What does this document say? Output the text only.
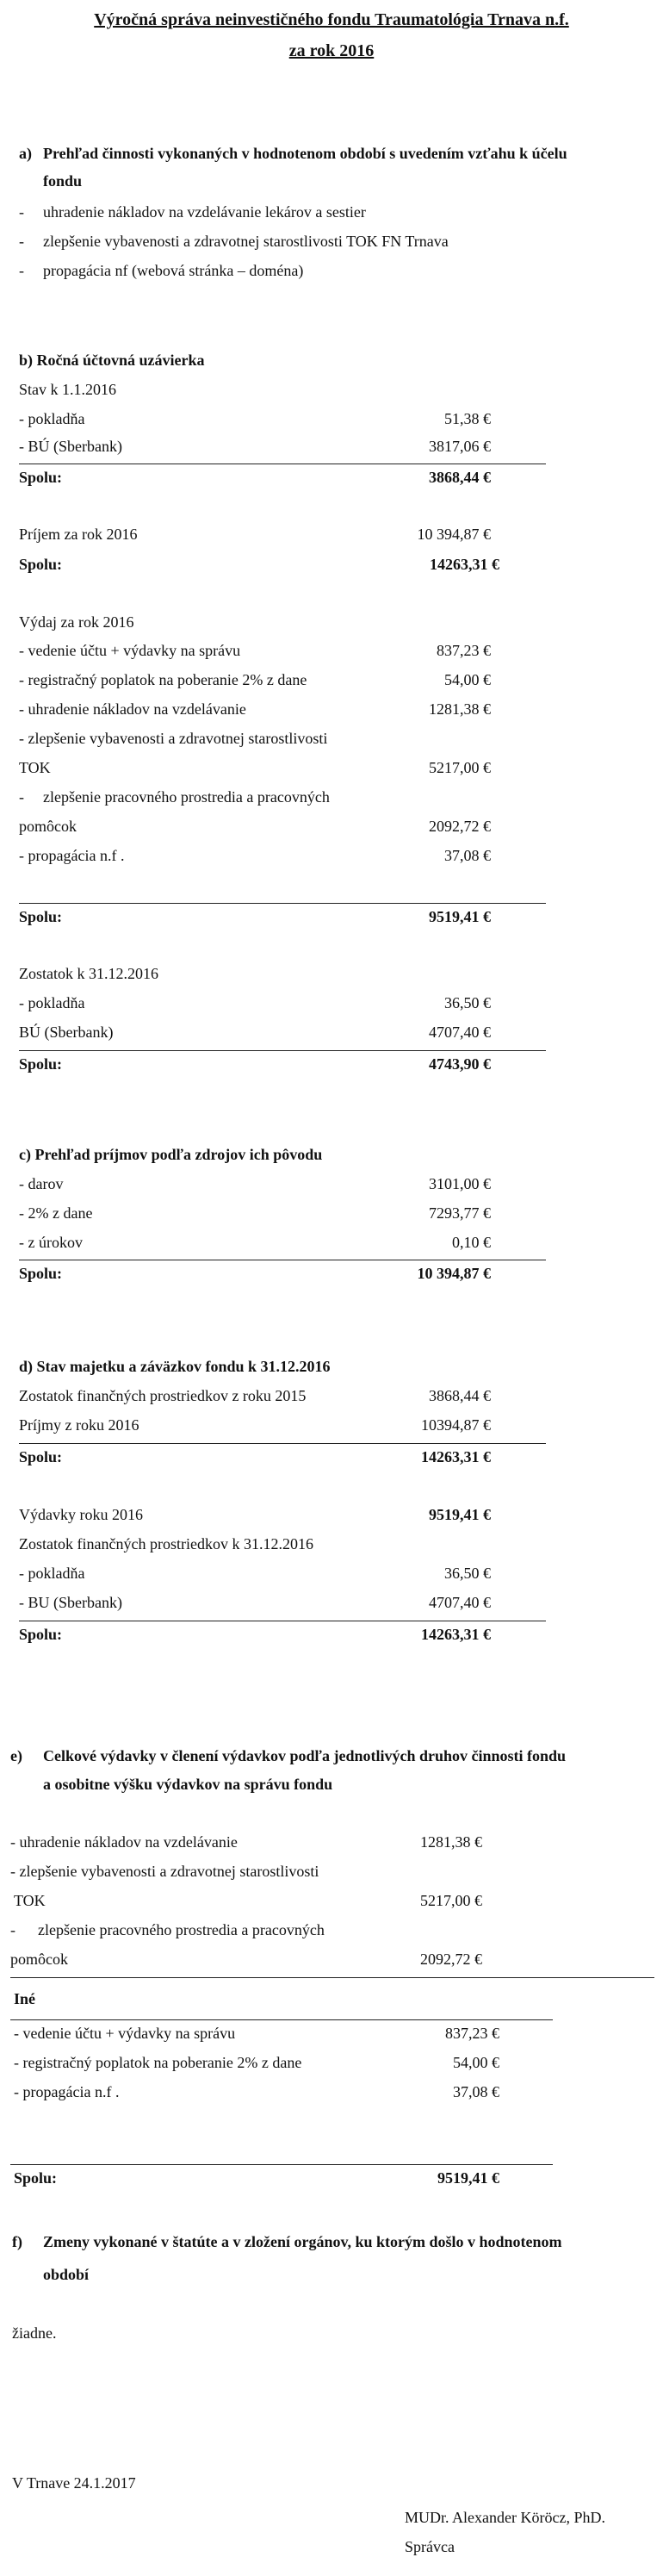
Výročná správa neinvestičného fondu Traumatológia Trnava n.f.
za rok 2016
a) Prehľad činnosti vykonaných v hodnotenom období s uvedením vzťahu k účelu
fondu
- uhradenie nákladov na vzdelávanie lekárov a sestier
- zlepšenie vybavenosti a zdravotnej starostlivosti TOK FN Trnava
- propagácia nf (webová stránka – doména)
b) Ročná účtovná uzávierka
Stav k 1.1.2016
- pokladňa	51,38 €
- BÚ (Sberbank)	3817,06 €
Spolu:	3868,44 €
Príjem za rok 2016	10 394,87 €
Spolu:	14263,31 €
Výdaj za rok 2016
- vedenie účtu + výdavky na správu	837,23 €
- registračný poplatok na poberanie 2% z dane	54,00 €
- uhradenie nákladov na vzdelávanie	1281,38 €
- zlepšenie vybavenosti a zdravotnej starostlivosti
TOK	5217,00 €
- zlepšenie pracovného prostredia a pracovných
pomôcok	2092,72 €
- propagácia n.f .	37,08 €
Spolu:	9519,41 €
Zostatok k 31.12.2016
- pokladňa	36,50 €
BÚ (Sberbank)	4707,40 €
Spolu:	4743,90 €
c) Prehľad príjmov podľa zdrojov ich pôvodu
- darov	3101,00 €
- 2% z dane	7293,77 €
- z úrokov	0,10 €
Spolu:	10 394,87 €
d) Stav majetku a záväzkov fondu k 31.12.2016
Zostatok finančných prostriedkov z roku 2015	3868,44 €
Príjmy z roku 2016	10394,87 €
Spolu:	14263,31 €
Výdavky roku 2016	9519,41 €
Zostatok finančných prostriedkov k 31.12.2016
- pokladňa	36,50 €
- BU (Sberbank)	4707,40 €
Spolu:	14263,31 €
e) Celkové výdavky v členení výdavkov podľa jednotlivých druhov činnosti fondu
a osobitne výšku výdavkov na správu fondu
- uhradenie nákladov na vzdelávanie	1281,38 €
- zlepšenie vybavenosti a zdravotnej starostlivosti
TOK	5217,00 €
- zlepšenie pracovného prostredia a pracovných
pomôcok	2092,72 €
Iné
- vedenie účtu + výdavky na správu	837,23 €
- registračný poplatok na poberanie 2% z dane	54,00 €
- propagácia n.f .	37,08 €
Spolu:	9519,41 €
f) Zmeny vykonané v štatúte a v zložení orgánov, ku ktorým došlo v hodnotenom
období
žiadne.
V Trnave 24.1.2017
MUDr. Alexander Köröcz, PhD.
Správca
